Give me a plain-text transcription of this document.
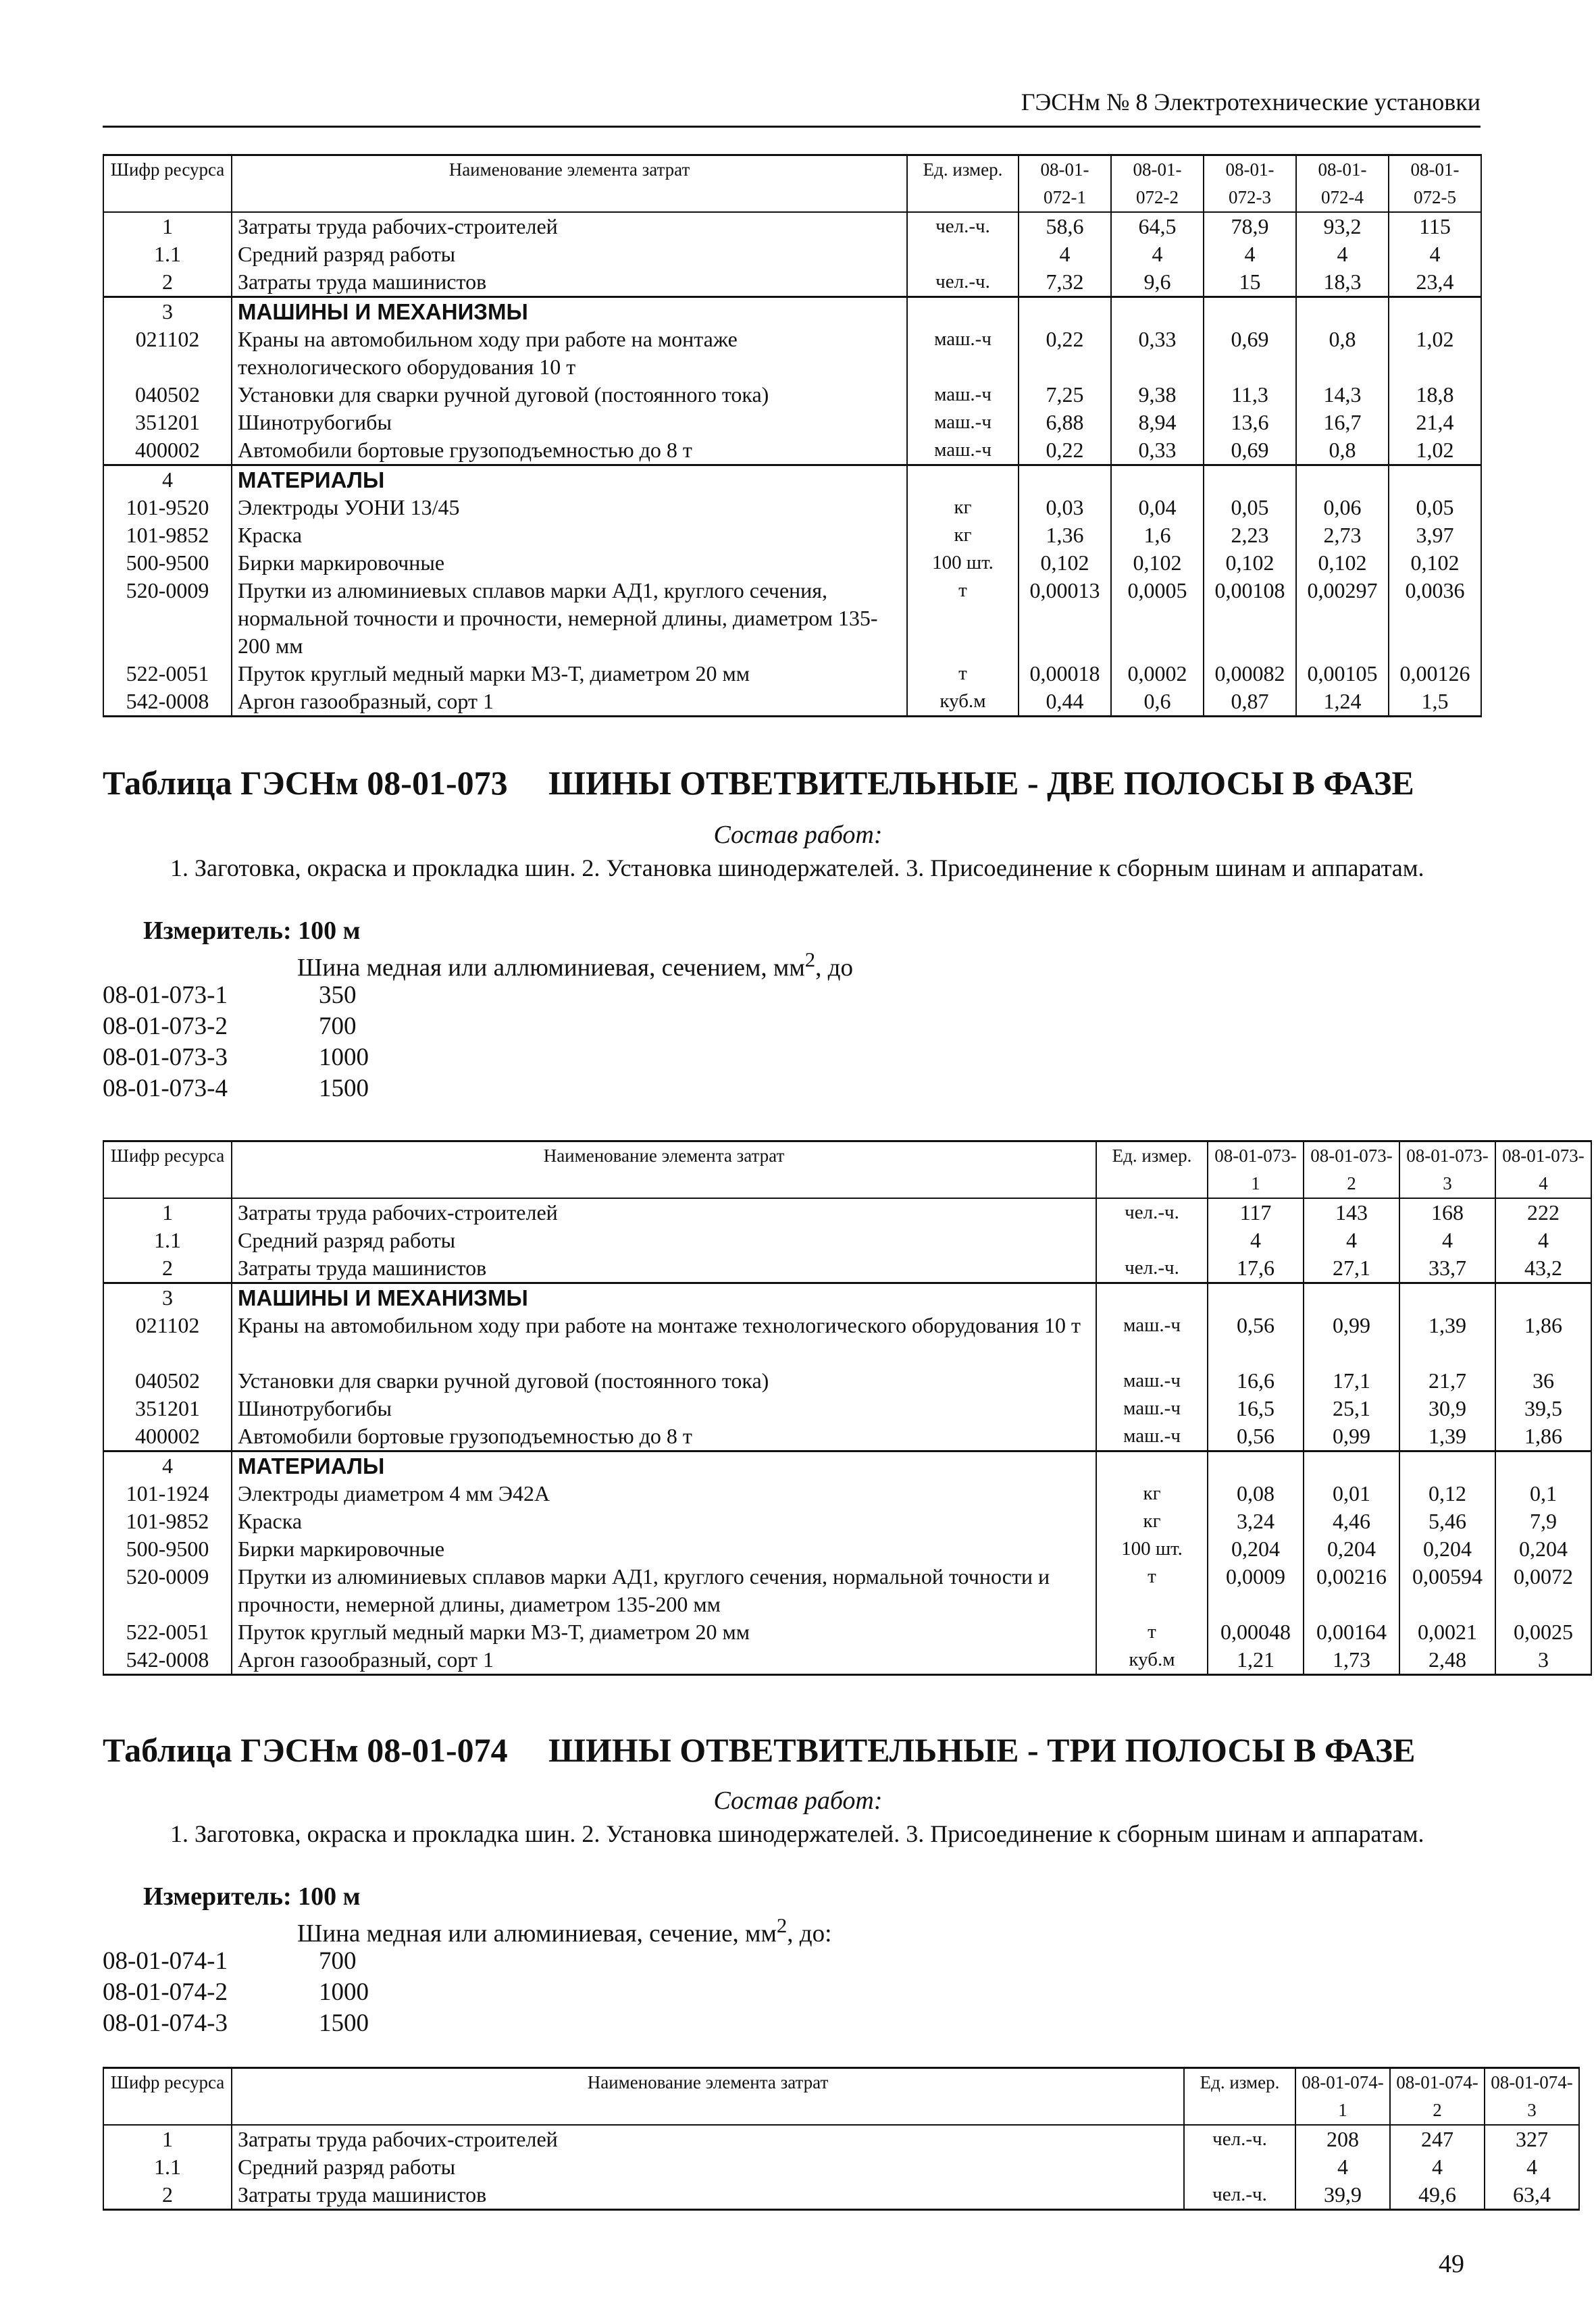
ГЭСНм № 8 Электротехнические установки
Шифр ресурса	Наименование элемента затрат	Ед. измер.	08-01-072-1	08-01-072-2	08-01-072-3	08-01-072-4	08-01-072-5
1	Затраты труда рабочих-строителей	чел.-ч.	58,6	64,5	78,9	93,2	115
1.1	Средний разряд работы		4	4	4	4	4
2	Затраты труда машинистов	чел.-ч.	7,32	9,6	15	18,3	23,4
3	МАШИНЫ И МЕХАНИЗМЫ						
021102	Краны на автомобильном ходу при работе на монтаже технологического оборудования 10 т	маш.-ч	0,22	0,33	0,69	0,8	1,02
040502	Установки для сварки ручной дуговой (постоянного тока)	маш.-ч	7,25	9,38	11,3	14,3	18,8
351201	Шинотрубогибы	маш.-ч	6,88	8,94	13,6	16,7	21,4
400002	Автомобили бортовые грузоподъемностью до 8 т	маш.-ч	0,22	0,33	0,69	0,8	1,02
4	МАТЕРИАЛЫ						
101-9520	Электроды УОНИ 13/45	кг	0,03	0,04	0,05	0,06	0,05
101-9852	Краска	кг	1,36	1,6	2,23	2,73	3,97
500-9500	Бирки маркировочные	100 шт.	0,102	0,102	0,102	0,102	0,102
520-0009	Прутки из алюминиевых сплавов марки АД1, круглого сечения, нормальной точности и прочности, немерной длины, диаметром 135-200 мм	т	0,00013	0,0005	0,00108	0,00297	0,0036
522-0051	Пруток круглый медный марки М3-Т, диаметром 20 мм	т	0,00018	0,0002	0,00082	0,00105	0,00126
542-0008	Аргон газообразный, сорт 1	куб.м	0,44	0,6	0,87	1,24	1,5
Таблица ГЭСНм 08-01-073 ШИНЫ ОТВЕТВИТЕЛЬНЫЕ - ДВЕ ПОЛОСЫ В ФАЗЕ
Состав работ:
1. Заготовка, окраска и прокладка шин. 2. Установка шинодержателей. 3. Присоединение к сборным шинам и аппаратам.
Измеритель: 100 м
Шина медная или аллюминиевая, сечением, $мм^2$, до
Шифр ресурса	Наименование элемента затрат	Ед. измер.	08-01-073-1	08-01-073-2	08-01-073-3	08-01-073-4
1	Затраты труда рабочих-строителей	чел.-ч.	117	143	168	222
1.1	Средний разряд работы		4	4	4	4
2	Затраты труда машинистов	чел.-ч.	17,6	27,1	33,7	43,2
3	МАШИНЫ И МЕХАНИЗМЫ					
021102	Краны на автомобильном ходу при работе на монтаже технологического оборудования 10 т	маш.-ч	0,56	0,99	1,39	1,86
040502	Установки для сварки ручной дуговой (постоянного тока)	маш.-ч	16,6	17,1	21,7	36
351201	Шинотрубогибы	маш.-ч	16,5	25,1	30,9	39,5
400002	Автомобили бортовые грузоподъемностью до 8 т	маш.-ч	0,56	0,99	1,39	1,86
4	МАТЕРИАЛЫ					
101-1924	Электроды диаметром 4 мм Э42А	кг	0,08	0,01	0,12	0,1
101-9852	Краска	кг	3,24	4,46	5,46	7,9
500-9500	Бирки маркировочные	100 шт.	0,204	0,204	0,204	0,204
520-0009	Прутки из алюминиевых сплавов марки АД1, круглого сечения, нормальной точности и прочности, немерной длины, диаметром 135-200 мм	т	0,0009	0,00216	0,00594	0,0072
522-0051	Пруток круглый медный марки М3-Т, диаметром 20 мм	т	0,00048	0,00164	0,0021	0,0025
542-0008	Аргон газообразный, сорт 1	куб.м	1,21	1,73	2,48	3
Таблица ГЭСНм 08-01-074 ШИНЫ ОТВЕТВИТЕЛЬНЫЕ - ТРИ ПОЛОСЫ В ФАЗЕ
Состав работ:
1. Заготовка, окраска и прокладка шин. 2. Установка шинодержателей. 3. Присоединение к сборным шинам и аппаратам.
Измеритель: 100 м
Шина медная или алюминиевая, сечение, $мм^2$, до:
Шифр ресурса	Наименование элемента затрат	Ед. измер.	08-01-074-1	08-01-074-2	08-01-074-3
1	Затраты труда рабочих-строителей	чел.-ч.	208	247	327
1.1	Средний разряд работы		4	4	4
2	Затраты труда машинистов	чел.-ч.	39,9	49,6	63,4
49
08-01-073-1	350
08-01-073-2	700
08-01-073-3	1000
08-01-073-4	1500
08-01-074-1	700
08-01-074-2	1000
08-01-074-3	1500
